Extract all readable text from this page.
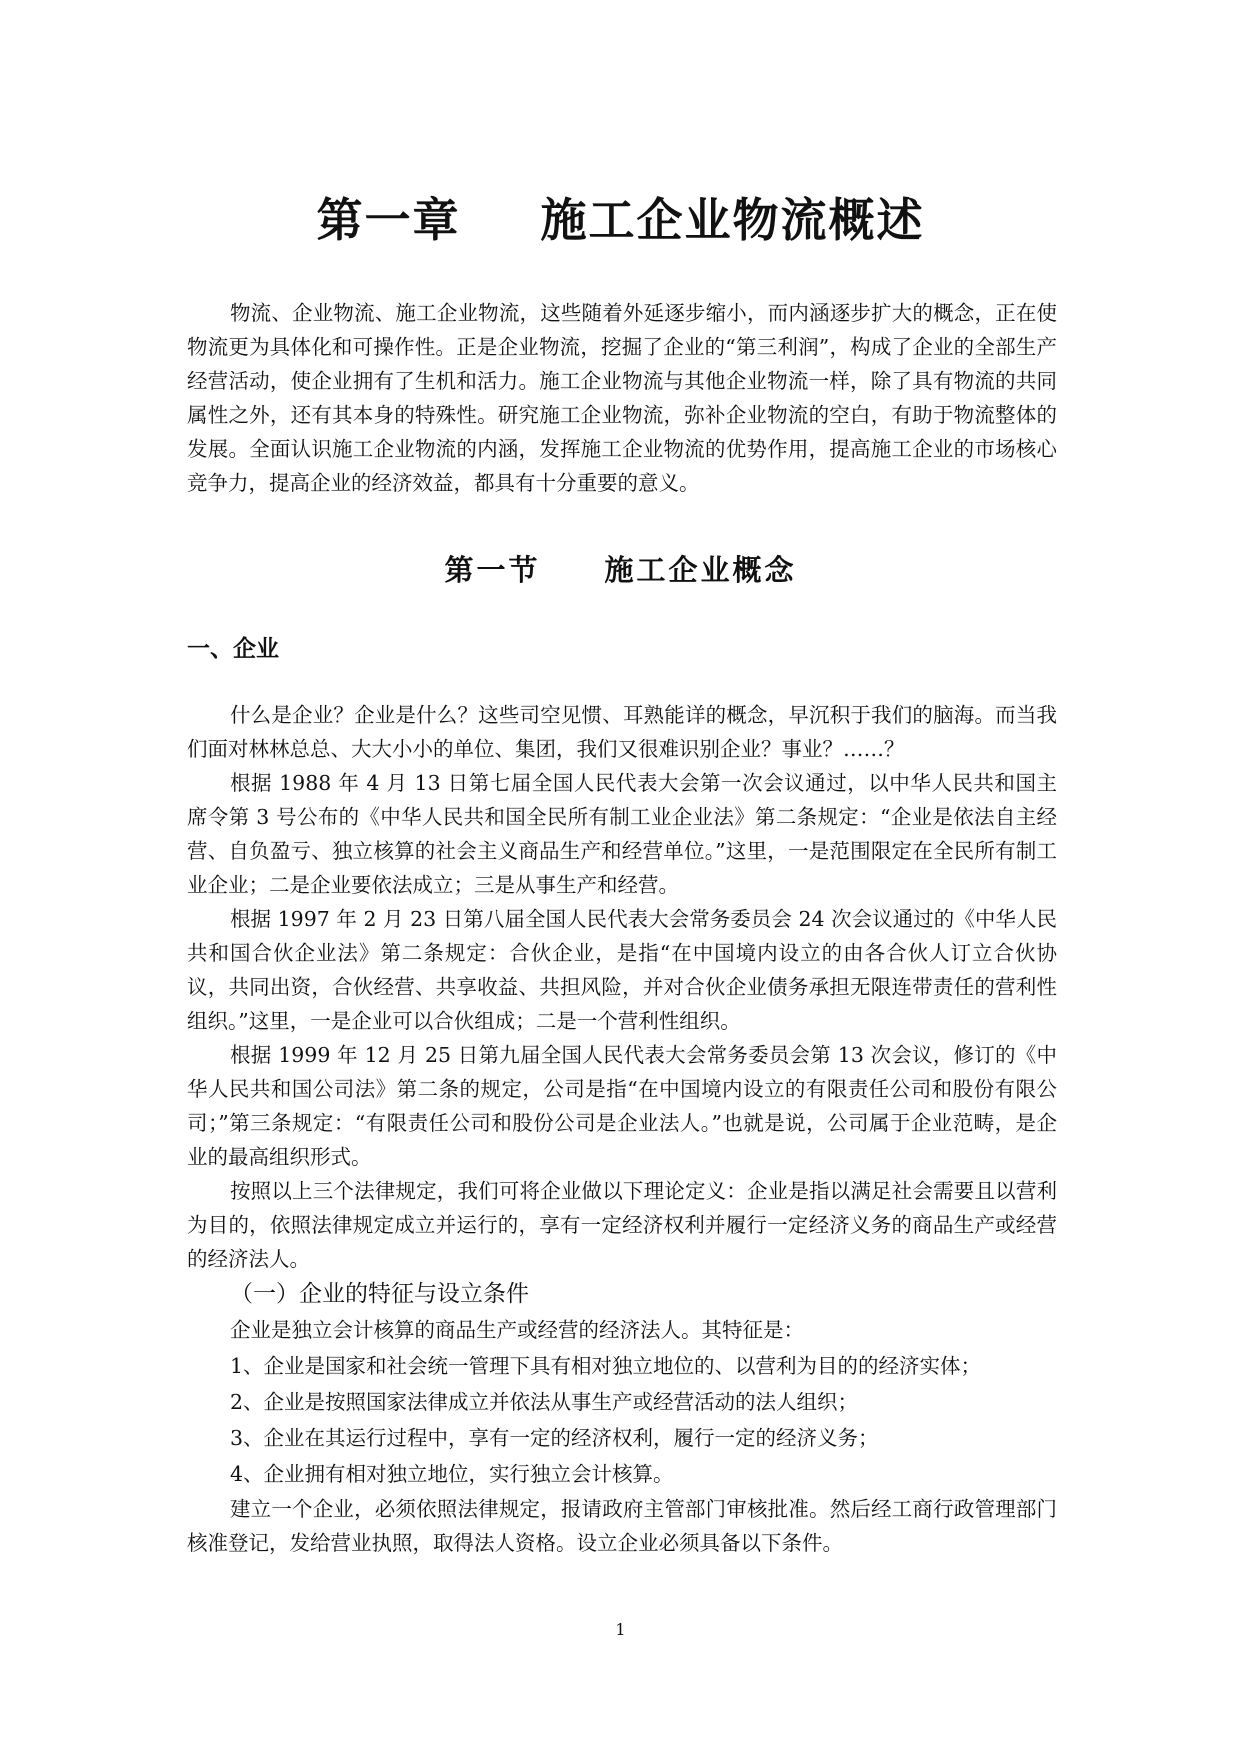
第一章 施工企业物流概述

物流、企业物流、施工企业物流，这些随着外延逐步缩小，而内涵逐步扩大的概念，正在使物流更为具体化和可操作性。正是企业物流，挖掘了企业的“第三利润”，构成了企业的全部生产经营活动，使企业拥有了生机和活力。施工企业物流与其他企业物流一样，除了具有物流的共同属性之外，还有其本身的特殊性。研究施工企业物流，弥补企业物流的空白，有助于物流整体的发展。全面认识施工企业物流的内涵，发挥施工企业物流的优势作用，提高施工企业的市场核心竞争力，提高企业的经济效益，都具有十分重要的意义。

第一节 施工企业概念
一、企业

什么是企业？企业是什么？这些司空见惯、耳熟能详的概念，早沉积于我们的脑海。而当我们面对林林总总、大大小小的单位、集团，我们又很难识别企业？事业？……？

根据 1988 年 4 月 13 日第七届全国人民代表大会第一次会议通过，以中华人民共和国主席令第 3 号公布的《中华人民共和国全民所有制工业企业法》第二条规定：“企业是依法自主经营、自负盈亏、独立核算的社会主义商品生产和经营单位。”这里，一是范围限定在全民所有制工业企业；二是企业要依法成立；三是从事生产和经营。

根据 1997 年 2 月 23 日第八届全国人民代表大会常务委员会 24 次会议通过的《中华人民共和国合伙企业法》第二条规定：合伙企业，是指“在中国境内设立的由各合伙人订立合伙协议，共同出资，合伙经营、共享收益、共担风险，并对合伙企业债务承担无限连带责任的营利性组织。”这里，一是企业可以合伙组成；二是一个营利性组织。

根据 1999 年 12 月 25 日第九届全国人民代表大会常务委员会第 13 次会议，修订的《中华人民共和国公司法》第二条的规定，公司是指“在中国境内设立的有限责任公司和股份有限公司；”第三条规定：“有限责任公司和股份公司是企业法人。”也就是说，公司属于企业范畴，是企业的最高组织形式。

按照以上三个法律规定，我们可将企业做以下理论定义：企业是指以满足社会需要且以营利为目的，依照法律规定成立并运行的，享有一定经济权利并履行一定经济义务的商品生产或经营的经济法人。

（一）企业的特征与设立条件

企业是独立会计核算的商品生产或经营的经济法人。其特征是：

1、企业是国家和社会统一管理下具有相对独立地位的、以营利为目的的经济实体；

2、企业是按照国家法律成立并依法从事生产或经营活动的法人组织；

3、企业在其运行过程中，享有一定的经济权利，履行一定的经济义务；

4、企业拥有相对独立地位，实行独立会计核算。

建立一个企业，必须依照法律规定，报请政府主管部门审核批准。然后经工商行政管理部门核准登记，发给营业执照，取得法人资格。设立企业必须具备以下条件。

1
